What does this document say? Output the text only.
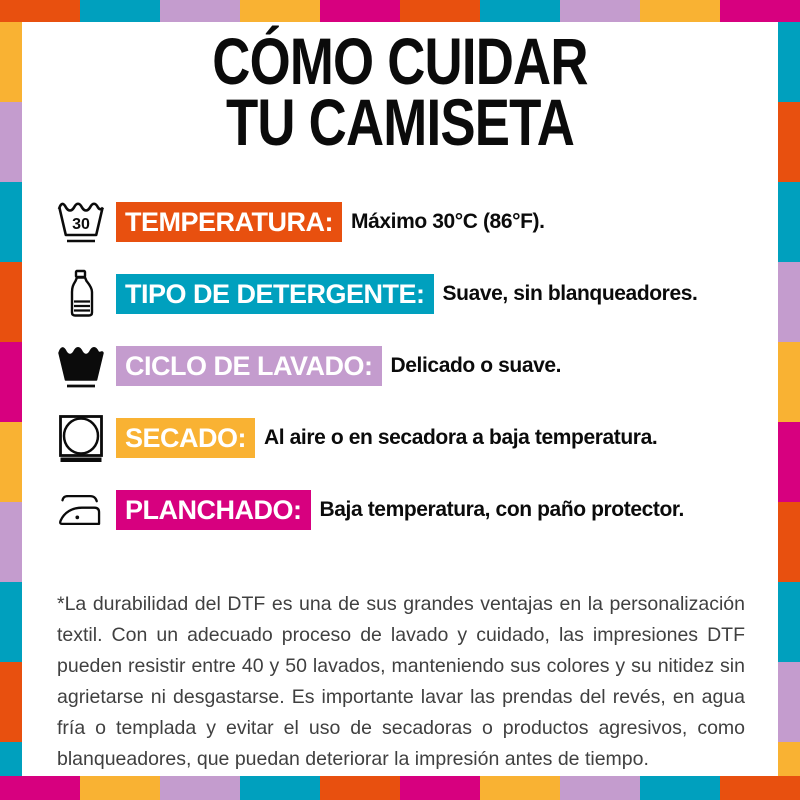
CÓMO CUIDAR
TU CAMISETA
30	TEMPERATURA: Máximo 30°C (86°F).
TIPO DE DETERGENTE: Suave, sin blanqueadores.
CICLO DE LAVADO: Delicado o suave.
SECADO: Al aire o en secadora a baja temperatura.
PLANCHADO: Baja temperatura, con paño protector.
*La durabilidad del DTF es una de sus grandes ventajas en la personalización textil. Con un adecuado proceso de lavado y cuidado, las impresiones DTF pueden resistir entre 40 y 50 lavados, manteniendo sus colores y su nitidez sin agrietarse ni desgastarse. Es importante lavar las prendas del revés, en agua fría o templada y evitar el uso de secadoras o productos agresivos, como blanqueadores, que puedan deteriorar la impresión antes de tiempo.
